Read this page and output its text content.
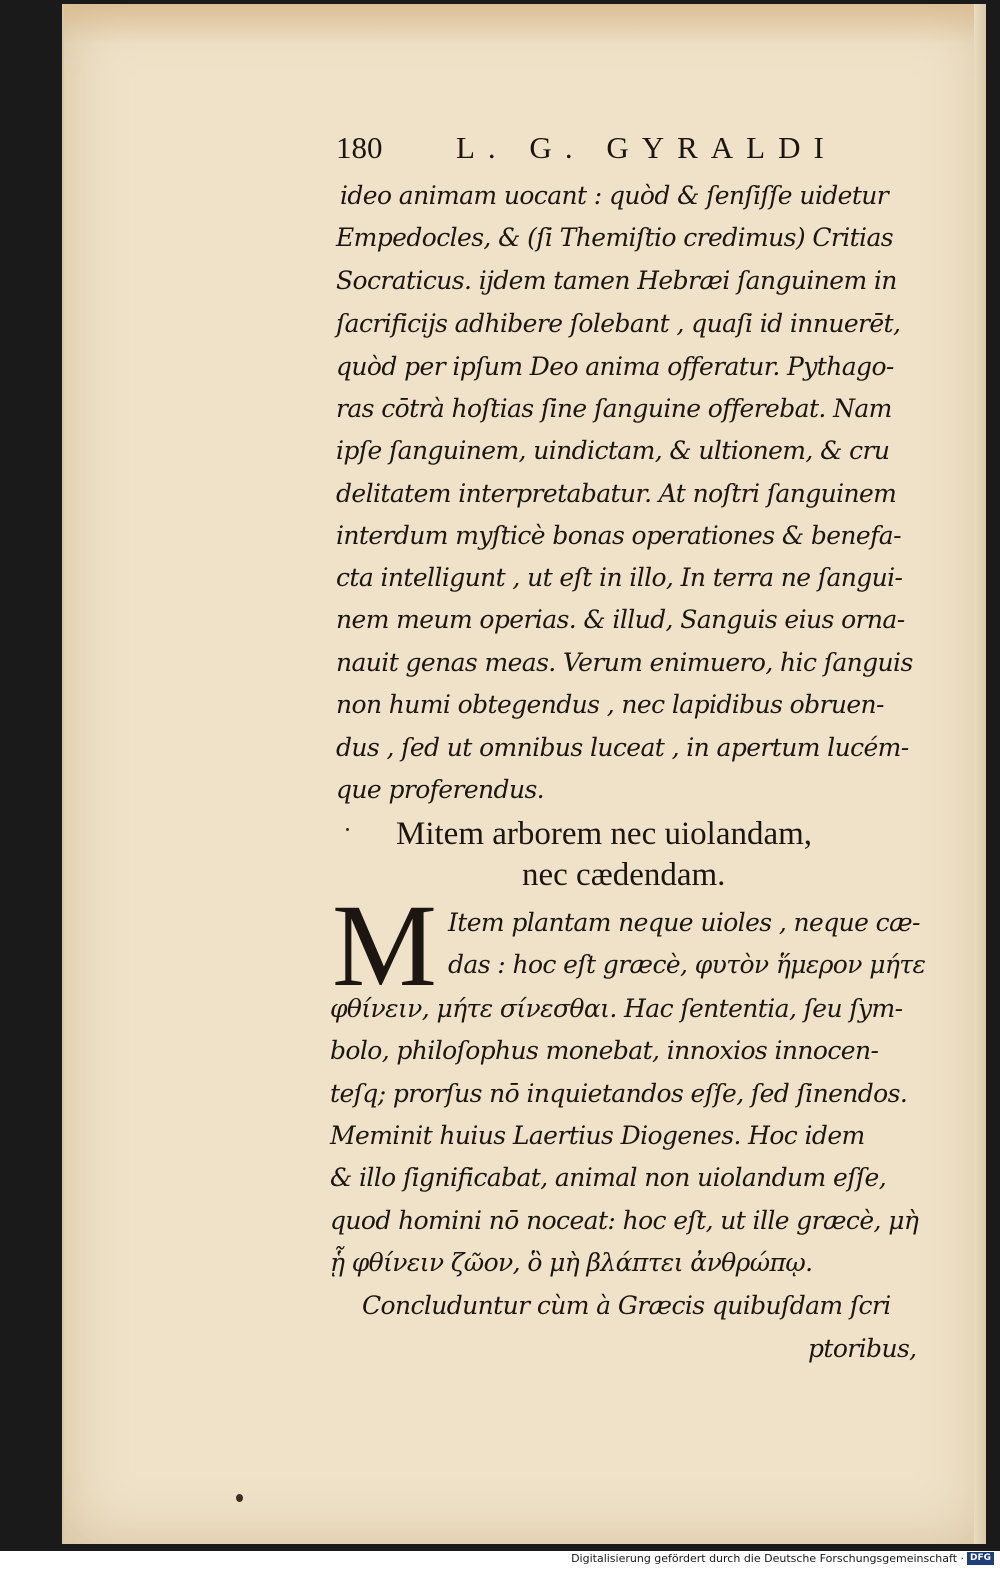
180 L. G. GYRALDI
ideo animam uocant : quòd & ſenſiſſe uidetur
Empedocles, & (ſi Themiſtio credimus) Critias
Socraticus. ijdem tamen Hebræi ſanguinem in
ſacrificijs adhibere ſolebant , quaſi id innuerēt,
quòd per ipſum Deo anima offeratur. Pythago-
ras cōtrà hoſtias ſine ſanguine offerebat. Nam
ipſe ſanguinem, uindictam, & ultionem, & cru
delitatem interpretabatur. At noſtri ſanguinem
interdum myſticè bonas operationes & benefa-
cta intelligunt , ut eſt in illo, In terra ne ſangui-
nem meum operias. & illud, Sanguis eius orna-
nauit genas meas. Verum enimuero, hic ſanguis
non humi obtegendus , nec lapidibus obruen-
dus , ſed ut omnibus luceat , in apertum lucém-
que proferendus.
Mitem arborem nec uiolandam,
nec cædendam.
Item plantam neque uioles , neque cæ-
das : hoc eſt græcè, φυτὸν ἥμερον μήτε
φθίνειν, μήτε σίνεσθαι. Hac ſententia, ſeu ſym-
bolo, philoſophus monebat, innoxios innocen-
teſq; prorſus nō inquietandos eſſe, ſed ſinendos.
Meminit huius Laertius Diogenes. Hoc idem
& illo ſignificabat, animal non uiolandum eſſe,
quod homini nō noceat: hoc eſt, ut ille græcè, μὴ
ᾗ φθίνειν ζῶον, ὃ μὴ βλάπτει ἀνθρώπῳ.
Concluduntur cùm à Græcis quibuſdam ſcri
ptoribus,
M
Digitalisierung gefördert durch die Deutsche Forschungsgemeinschaft · DFG
